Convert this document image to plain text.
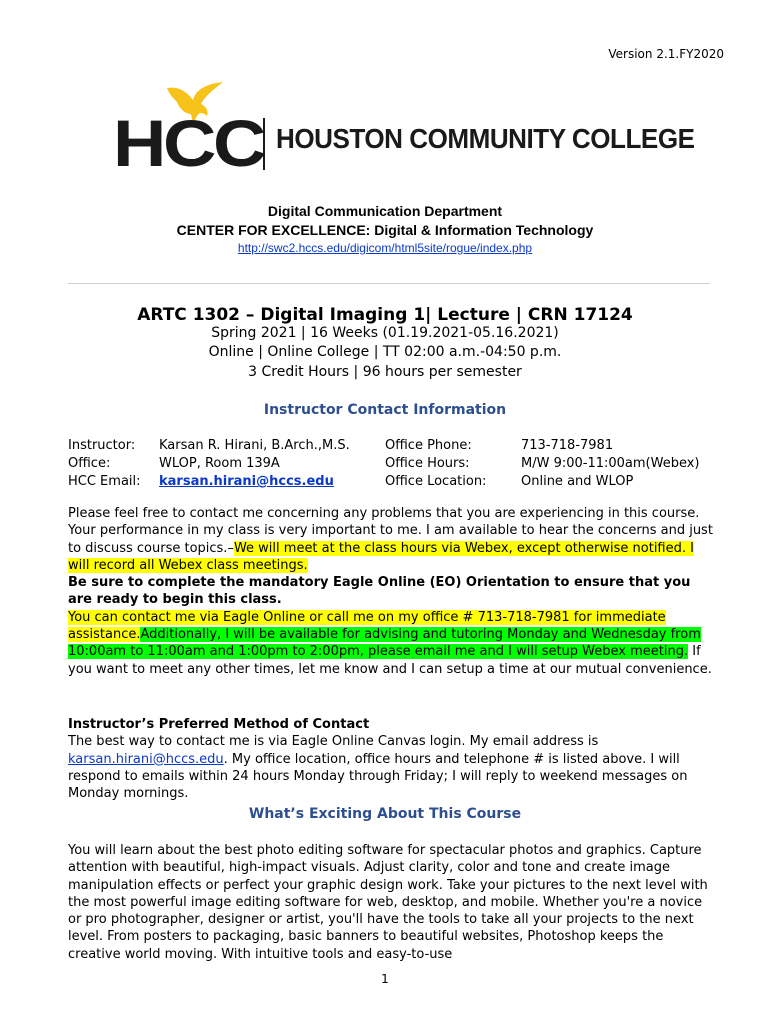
Version 2.1.FY2020
HCC HOUSTON COMMUNITY COLLEGE
Digital Communication Department
CENTER FOR EXCELLENCE: Digital & Information Technology
http://swc2.hccs.edu/digicom/html5site/rogue/index.php
ARTC 1302 – Digital Imaging 1| Lecture | CRN 17124
Spring 2021 | 16 Weeks (01.19.2021-05.16.2021)
Online | Online College | TT 02:00 a.m.-04:50 p.m.
3 Credit Hours | 96 hours per semester
Instructor Contact Information
Instructor:
Office:
HCC Email:
Karsan R. Hirani, B.Arch.,M.S.
WLOP, Room 139A
karsan.hirani@hccs.edu
Office Phone:
Office Hours:
Office Location:
713-718-7981
M/W 9:00-11:00am(Webex)
Online and WLOP
Please feel free to contact me concerning any problems that you are experiencing in this course. Your performance in my class is very important to me. I am available to hear the concerns and just to discuss course topics.–We will meet at the class hours via Webex, except otherwise notified. I will record all Webex class meetings.
Be sure to complete the mandatory Eagle Online (EO) Orientation to ensure that you are ready to begin this class.
You can contact me via Eagle Online or call me on my office # 713-718-7981 for immediate assistance.Additionally, I will be available for advising and tutoring Monday and Wednesday from 10:00am to 11:00am and 1:00pm to 2:00pm, please email me and I will setup Webex meeting. If you want to meet any other times, let me know and I can setup a time at our mutual convenience.
Instructor’s Preferred Method of Contact
The best way to contact me is via Eagle Online Canvas login. My email address is karsan.hirani@hccs.edu. My office location, office hours and telephone # is listed above. I will respond to emails within 24 hours Monday through Friday; I will reply to weekend messages on Monday mornings.
What’s Exciting About This Course
You will learn about the best photo editing software for spectacular photos and graphics. Capture attention with beautiful, high-impact visuals. Adjust clarity, color and tone and create image manipulation effects or perfect your graphic design work. Take your pictures to the next level with the most powerful image editing software for web, desktop, and mobile. Whether you're a novice or pro photographer, designer or artist, you'll have the tools to take all your projects to the next level. From posters to packaging, basic banners to beautiful websites, Photoshop keeps the creative world moving. With intuitive tools and easy-to-use
1
